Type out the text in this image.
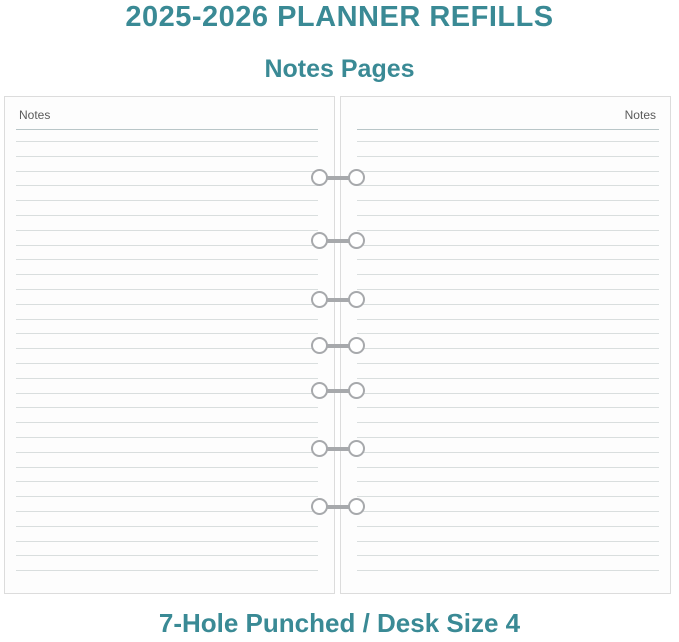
2025-2026 PLANNER REFILLS
Notes Pages
Notes	Notes
7-Hole Punched / Desk Size 4
